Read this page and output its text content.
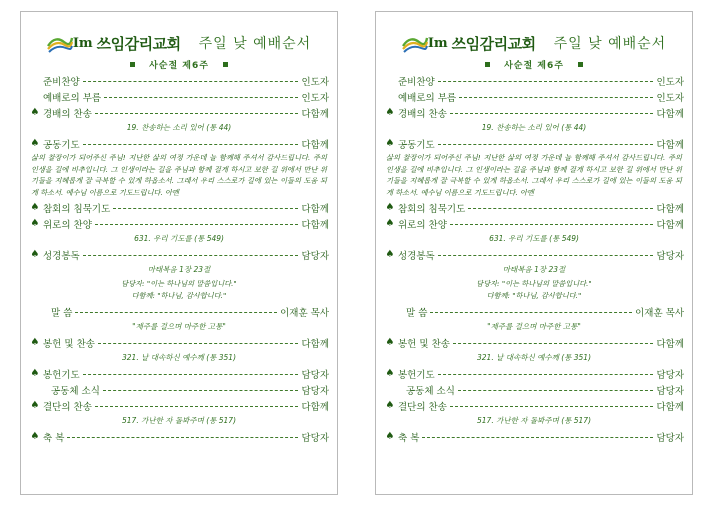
Im 쓰임감리교회 주일 낮 예배순서
사순절 제6주
준비찬양	인도자
예배로의 부름	인도자
♠ 경배의 찬송	다함께
19. 찬송하는 소리 있어 (통 44)
♠ 공동기도	다함께
삶의 찰장이가 되어주신 주님! 지난한 삶의 여정 가운데 늘 함께해 주셔서 감사드립니다. 주의 인생을 길에 비추입니다. 그 인생이라는 길을 주님과 함께 걸게 하시고 보한 길 위에서 만난 위기들을 지혜롭게 잘 극복할 수 있게 하옵소서. 그래서 우리 스스로가 길에 있는 이들의 도움 되게 하소서. 예수님 이름으로 기도드립니다. 아멘
♠ 참회의 침묵기도	다함께
♠ 위로의 찬양	다함께
631. 우리 기도를 (통 549)
♠ 성경봉독	담당자
마태복음 1장 23절
담당자: "이는 하나님의 말씀입니다."
다함께: "하나님, 감사합니다."
말 씀	이재훈 목사
"제주를 걸으며 마주한 고통"
♠ 봉헌 및 찬송	다함께
321. 날 대속하신 예수께 (통 351)
♠ 봉헌기도	담당자
공동체 소식	담당자
♠ 결단의 찬송	다함께
517. 가난한 자 돌봐주며 (통 517)
♠ 축 복	담당자
Im 쓰임감리교회 주일 낮 예배순서
사순절 제6주
준비찬양	인도자
예배로의 부름	인도자
♠ 경배의 찬송	다함께
19. 찬송하는 소리 있어 (통 44)
♠ 공동기도	다함께
삶의 찰장이가 되어주신 주님! 지난한 삶의 여정 가운데 늘 함께해 주셔서 감사드립니다. 주의 인생을 길에 비추입니다. 그 인생이라는 길을 주님과 함께 걸게 하시고 보한 길 위에서 만난 위기들을 지혜롭게 잘 극복할 수 있게 하옵소서. 그래서 우리 스스로가 길에 있는 이들의 도움 되게 하소서. 예수님 이름으로 기도드립니다. 아멘
♠ 참회의 침묵기도	다함께
♠ 위로의 찬양	다함께
631. 우리 기도를 (통 549)
♠ 성경봉독	담당자
마태복음 1장 23절
담당자: "이는 하나님의 말씀입니다."
다함께: "하나님, 감사합니다."
말 씀	이재훈 목사
"제주를 걸으며 마주한 고통"
♠ 봉헌 및 찬송	다함께
321. 날 대속하신 예수께 (통 351)
♠ 봉헌기도	담당자
공동체 소식	담당자
♠ 결단의 찬송	다함께
517. 가난한 자 돌봐주며 (통 517)
♠ 축 복	담당자
